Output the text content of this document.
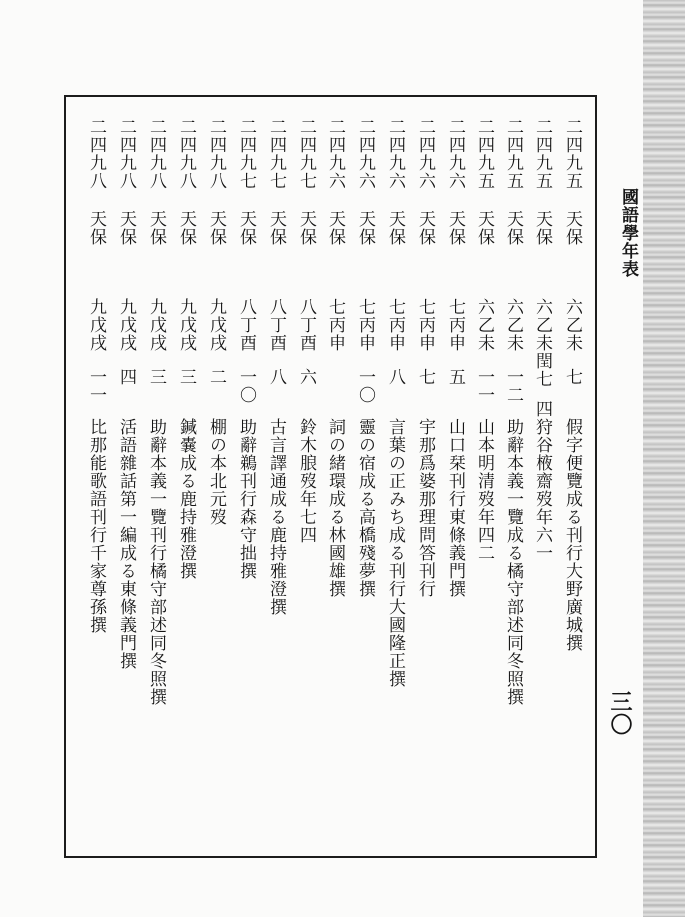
國語學年表
三〇
二四九五
天保
六乙未
七
假字便覽成る刊行大野廣城撰
二四九五
天保
六乙未閏七
四
狩谷棭齋歿年六一
二四九五
天保
六乙未
一二
助辭本義一覽成る橘守部述同冬照撰
二四九五
天保
六乙未
一一
山本明清歿年四二
二四九六
天保
七丙申
五
山口栞刊行東條義門撰
二四九六
天保
七丙申
七
宇那爲婆那理問答刊行
二四九六
天保
七丙申
八
言葉の正みち成る刊行大國隆正撰
二四九六
天保
七丙申
一〇
靈の宿成る高橋殘夢撰
二四九六
天保
七丙申
詞の緒環成る林國雄撰
二四九七
天保
八丁酉
六
鈴木朖歿年七四
二四九七
天保
八丁酉
八
古言譯通成る鹿持雅澄撰
二四九七
天保
八丁酉
一〇
助辭鵜刊行森守拙撰
二四九八
天保
九戊戌
二
棚の本北元歿
二四九八
天保
九戊戌
三
鍼嚢成る鹿持雅澄撰
二四九八
天保
九戊戌
三
助辭本義一覽刊行橘守部述同冬照撰
二四九八
天保
九戊戌
四
活語雜話第一編成る東條義門撰
二四九八
天保
九戊戌
一一
比那能歌語刊行千家尊孫撰
